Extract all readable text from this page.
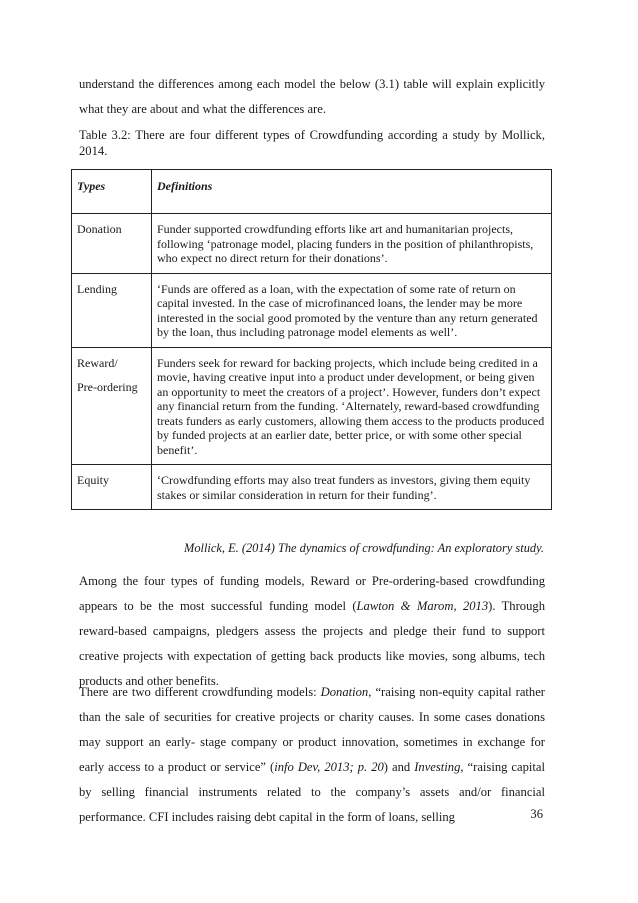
understand the differences among each model the below (3.1) table will explain explicitly what they are about and what the differences are.

Table 3.2: There are four different types of Crowdfunding according a study by Mollick, 2014.

Types	Definitions
Donation	Funder supported crowdfunding efforts like art and humanitarian projects, following ‘patronage model, placing funders in the position of philanthropists, who expect no direct return for their donations’.
Lending	‘Funds are offered as a loan, with the expectation of some rate of return on capital invested. In the case of microfinanced loans, the lender may be more interested in the social good promoted by the venture than any return generated by the loan, thus including patronage model elements as well’.

Reward/
Pre-ordering	Funders seek for reward for backing projects, which include being credited in a movie, having creative input into a product under development, or being given an opportunity to meet the creators of a project’. However, funders don’t expect any financial return from the funding. ‘Alternately, reward-based crowdfunding treats funders as early customers, allowing them access to the products produced by funded projects at an earlier date, better price, or with some other special benefit’.
Equity	‘Crowdfunding efforts may also treat funders as investors, giving them equity stakes or similar consideration in return for their funding’.

Mollick, E. (2014) The dynamics of crowdfunding: An exploratory study.

Among the four types of funding models, Reward or Pre-ordering-based crowdfunding appears to be the most successful funding model (Lawton & Marom, 2013). Through reward-based campaigns, pledgers assess the projects and pledge their fund to support creative projects with expectation of getting back products like movies, song albums, tech products and other benefits.

There are two different crowdfunding models: Donation, “raising non-equity capital rather than the sale of securities for creative projects or charity causes. In some cases donations may support an early- stage company or product innovation, sometimes in exchange for early access to a product or service” (info Dev, 2013; p. 20) and Investing, “raising capital by selling financial instruments related to the company’s assets and/or financial performance. CFI includes raising debt capital in the form of loans, selling	36
